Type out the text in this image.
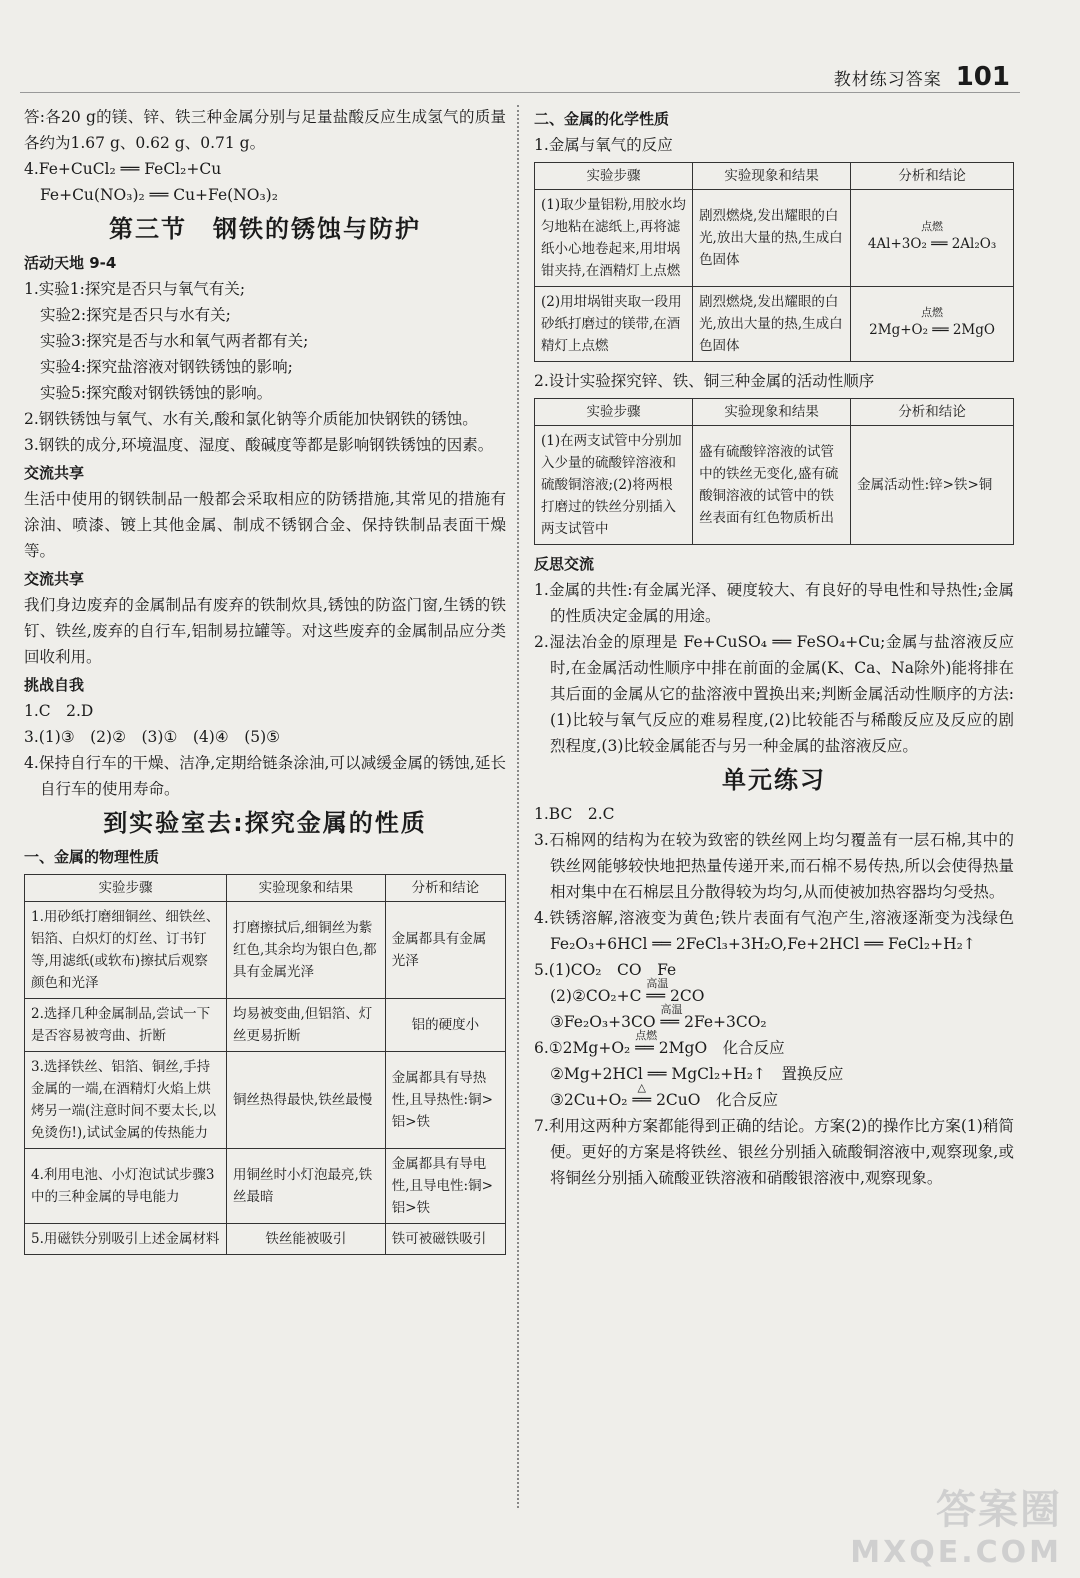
教材练习答案 101

答:各20 g的镁、锌、铁三种金属分别与足量盐酸反应生成氢气的质量各约为1.67 g、0.62 g、0.71 g。

4.Fe+CuCl₂ ══ FeCl₂+Cu

Fe+Cu(NO₃)₂ ══ Cu+Fe(NO₃)₂

第三节　钢铁的锈蚀与防护

活动天地 9-4

1.实验1:探究是否只与氧气有关;

实验2:探究是否只与水有关;

实验3:探究是否与水和氧气两者都有关;

实验4:探究盐溶液对钢铁锈蚀的影响;

实验5:探究酸对钢铁锈蚀的影响。

2.钢铁锈蚀与氧气、水有关,酸和氯化钠等介质能加快钢铁的锈蚀。

3.钢铁的成分,环境温度、湿度、酸碱度等都是影响钢铁锈蚀的因素。

交流共享

生活中使用的钢铁制品一般都会采取相应的防锈措施,其常见的措施有涂油、喷漆、镀上其他金属、制成不锈钢合金、保持铁制品表面干燥等。

交流共享

我们身边废弃的金属制品有废弃的铁制炊具,锈蚀的防盗门窗,生锈的铁钉、铁丝,废弃的自行车,铝制易拉罐等。对这些废弃的金属制品应分类回收利用。

挑战自我

1.C　2.D

3.(1)③　(2)②　(3)①　(4)④　(5)⑤

4.保持自行车的干燥、洁净,定期给链条涂油,可以减缓金属的锈蚀,延长自行车的使用寿命。

到实验室去:探究金属的性质

一、金属的物理性质

实验步骤	实验现象和结果	分析和结论
1.用砂纸打磨细铜丝、细铁丝、铝箔、白炽灯的灯丝、订书钉等,用滤纸(或软布)擦拭后观察颜色和光泽	打磨擦拭后,细铜丝为紫红色,其余均为银白色,都具有金属光泽	金属都具有金属光泽
2.选择几种金属制品,尝试一下是否容易被弯曲、折断	均易被变曲,但铝箔、灯丝更易折断	铝的硬度小
3.选择铁丝、铝箔、铜丝,手持金属的一端,在酒精灯火焰上烘烤另一端(注意时间不要太长,以免烫伤!),试试金属的传热能力	铜丝热得最快,铁丝最慢	金属都具有导热性,且导热性:铜>铝>铁
4.利用电池、小灯泡试试步骤3中的三种金属的导电能力	用铜丝时小灯泡最亮,铁丝最暗	金属都具有导电性,且导电性:铜>铝>铁
5.用磁铁分别吸引上述金属材料	铁丝能被吸引	铁可被磁铁吸引

二、金属的化学性质

1.金属与氧气的反应

实验步骤	实验现象和结果	分析和结论
(1)取少量铝粉,用胶水均匀地粘在滤纸上,再将滤纸小心地卷起来,用坩埚钳夹持,在酒精灯上点燃	剧烈燃烧,发出耀眼的白光,放出大量的热,生成白色固体	点燃
4Al+3O₂ ══ 2Al₂O₃

(2)用坩埚钳夹取一段用砂纸打磨过的镁带,在酒精灯上点燃	剧烈燃烧,发出耀眼的白光,放出大量的热,生成白色固体	点燃
2Mg+O₂ ══ 2MgO

2.设计实验探究锌、铁、铜三种金属的活动性顺序

实验步骤	实验现象和结果	分析和结论
(1)在两支试管中分别加入少量的硫酸锌溶液和硫酸铜溶液;(2)将两根打磨过的铁丝分别插入两支试管中	盛有硫酸锌溶液的试管中的铁丝无变化,盛有硫酸铜溶液的试管中的铁丝表面有红色物质析出	金属活动性:锌>铁>铜

反思交流

1.金属的共性:有金属光泽、硬度较大、有良好的导电性和导热性;金属的性质决定金属的用途。

2.湿法冶金的原理是 Fe+CuSO₄ ══ FeSO₄+Cu;金属与盐溶液反应时,在金属活动性顺序中排在前面的金属(K、Ca、Na除外)能将排在其后面的金属从它的盐溶液中置换出来;判断金属活动性顺序的方法:(1)比较与氧气反应的难易程度,(2)比较能否与稀酸反应及反应的剧烈程度,(3)比较金属能否与另一种金属的盐溶液反应。

单元练习

1.BC　2.C

3.石棉网的结构为在较为致密的铁丝网上均匀覆盖有一层石棉,其中的铁丝网能够较快地把热量传递开来,而石棉不易传热,所以会使得热量相对集中在石棉层且分散得较为均匀,从而使被加热容器均匀受热。

4.铁锈溶解,溶液变为黄色;铁片表面有气泡产生,溶液逐渐变为浅绿色　Fe₂O₃+6HCl ══ 2FeCl₃+3H₂O,Fe+2HCl ══ FeCl₂+H₂↑

5.(1)CO₂　CO　Fe

(2)②CO₂+C
高温
══ 2CO

③Fe₂O₃+3CO
高温
══ 2Fe+3CO₂

6.①2Mg+O₂
点燃
══ 2MgO　化合反应

②Mg+2HCl ══ MgCl₂+H₂↑　置换反应

③2Cu+O₂
△
══ 2CuO　化合反应

7.利用这两种方案都能得到正确的结论。方案(2)的操作比方案(1)稍简便。更好的方案是将铁丝、银丝分别插入硫酸铜溶液中,观察现象,或将铜丝分别插入硫酸亚铁溶液和硝酸银溶液中,观察现象。

答案圈
MXQE.COM
